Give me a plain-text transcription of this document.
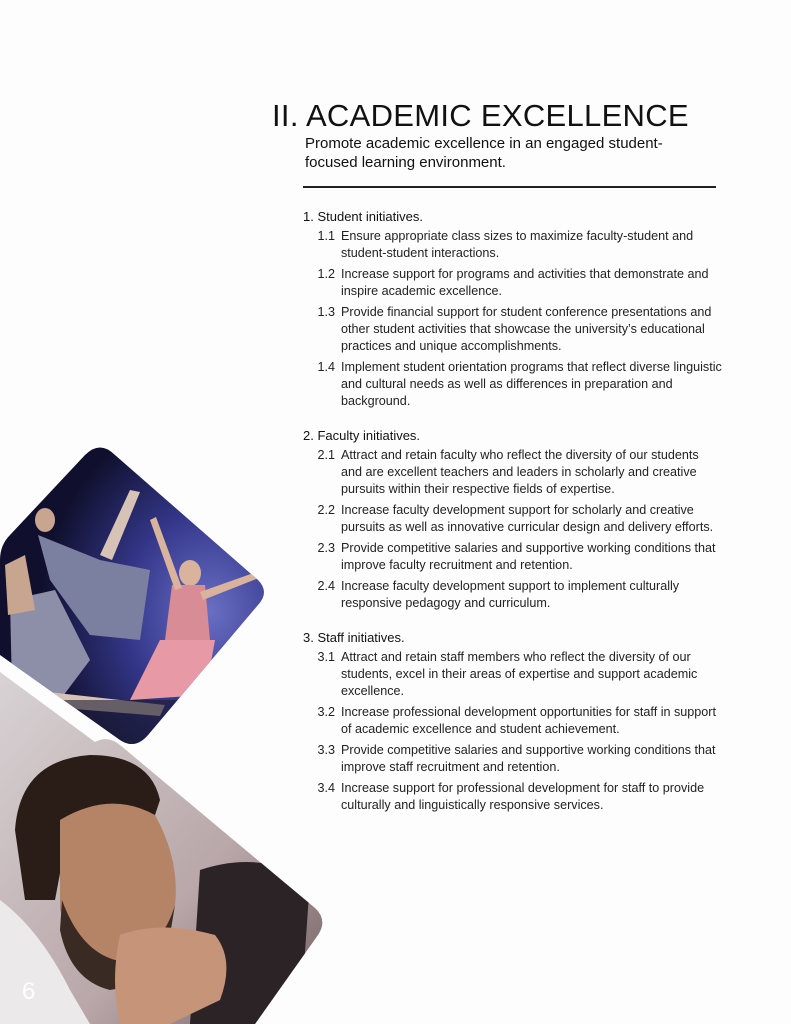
II. ACADEMIC EXCELLENCE

Promote academic excellence in an engaged student-focused learning environment.

1. Student initiatives.
1.1 Ensure appropriate class sizes to maximize faculty-student and student-student interactions.
1.2 Increase support for programs and activities that demonstrate and inspire academic excellence.
1.3 Provide financial support for student conference presentations and other student activities that showcase the university’s educational practices and unique accomplishments.
1.4 Implement student orientation programs that reflect diverse linguistic and cultural needs as well as differences in preparation and background.
2. Faculty initiatives.
2.1 Attract and retain faculty who reflect the diversity of our students and are excellent teachers and leaders in scholarly and creative pursuits within their respective fields of expertise.
2.2 Increase faculty development support for scholarly and creative pursuits as well as innovative curricular design and delivery efforts.
2.3 Provide competitive salaries and supportive working conditions that improve faculty recruitment and retention.
2.4 Increase faculty development support to implement culturally responsive pedagogy and curriculum.
3. Staff initiatives.
3.1 Attract and retain staff members who reflect the diversity of our students, excel in their areas of expertise and support academic excellence.
3.2 Increase professional development opportunities for staff in support of academic excellence and student achievement.
3.3 Provide competitive salaries and supportive working conditions that improve staff recruitment and retention.
3.4 Increase support for professional development for staff to provide culturally and linguistically responsive services.
6
